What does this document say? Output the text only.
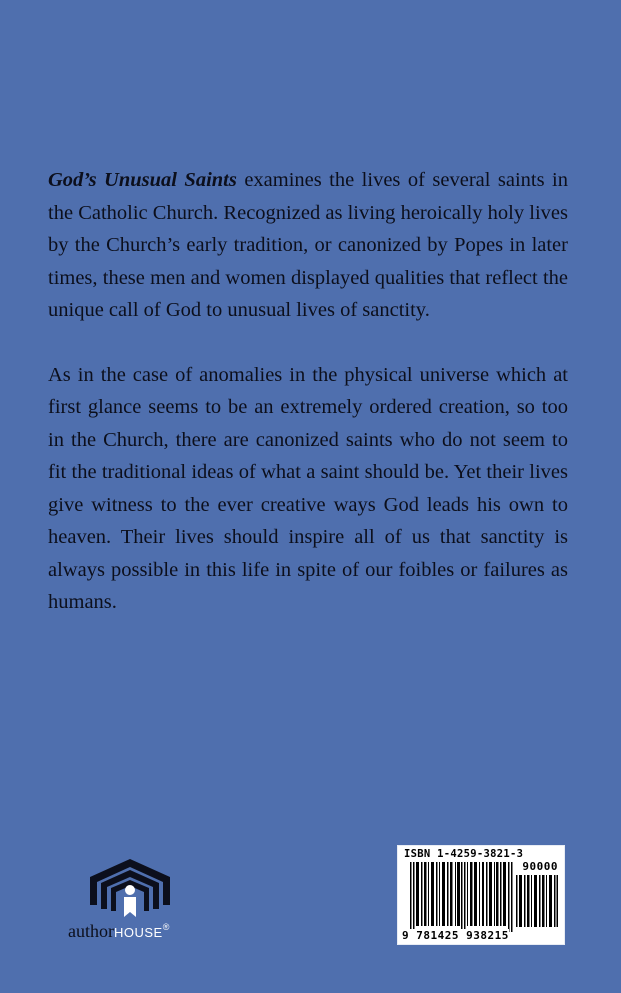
God’s Unusual Saints examines the lives of several saints in the Catholic Church. Recognized as living heroically holy lives by the Church’s early tradition, or canonized by Popes in later times, these men and women displayed qualities that reflect the unique call of God to unusual lives of sanctity.

As in the case of anomalies in the physical universe which at first glance seems to be an extremely ordered creation, so too in the Church, there are canonized saints who do not seem to fit the traditional ideas of what a saint should be. Yet their lives give witness to the ever creative ways God leads his own to heaven. Their lives should inspire all of us that sanctity is always possible in this life in spite of our foibles or failures as humans.

authorHOUSE®
ISBN 1-4259-3821-3
90000
9 781425 938215
